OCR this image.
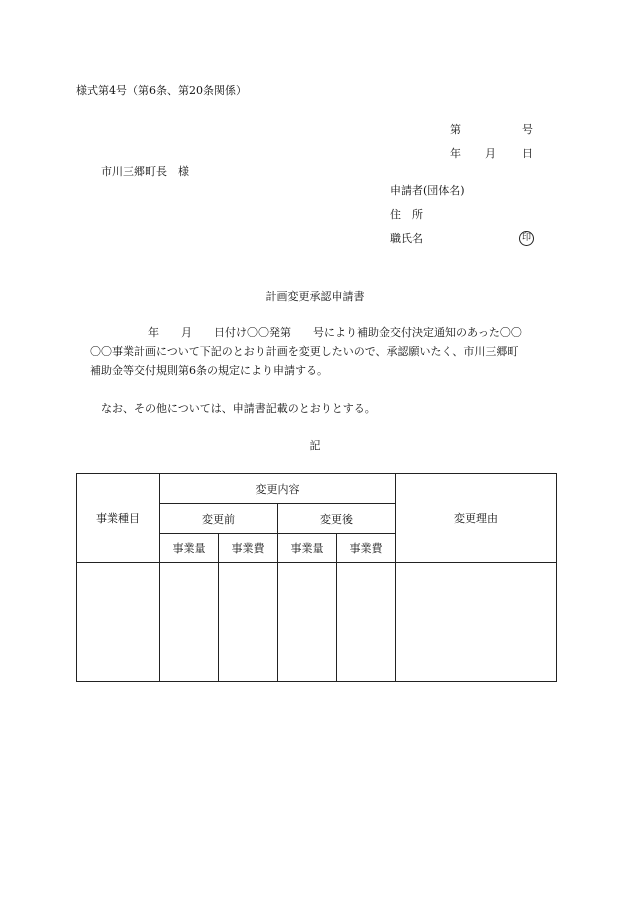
様式第4号（第6条、第20条関係）
第	号
年 月 日
市川三郷町長　様
申請者(団体名)
住　所
職氏名	印
計画変更承認申請書
年　　月　　日付け〇〇発第　　号により補助金交付決定通知のあった〇〇
〇〇事業計画について下記のとおり計画を変更したいので、承認願いたく、市川三郷町
補助金等交付規則第6条の規定により申請する。
なお、その他については、申請書記載のとおりとする。
記
事業種目	変更内容				変更理由
	変更前		変更後		
	事業量	事業費	事業量	事業費	
